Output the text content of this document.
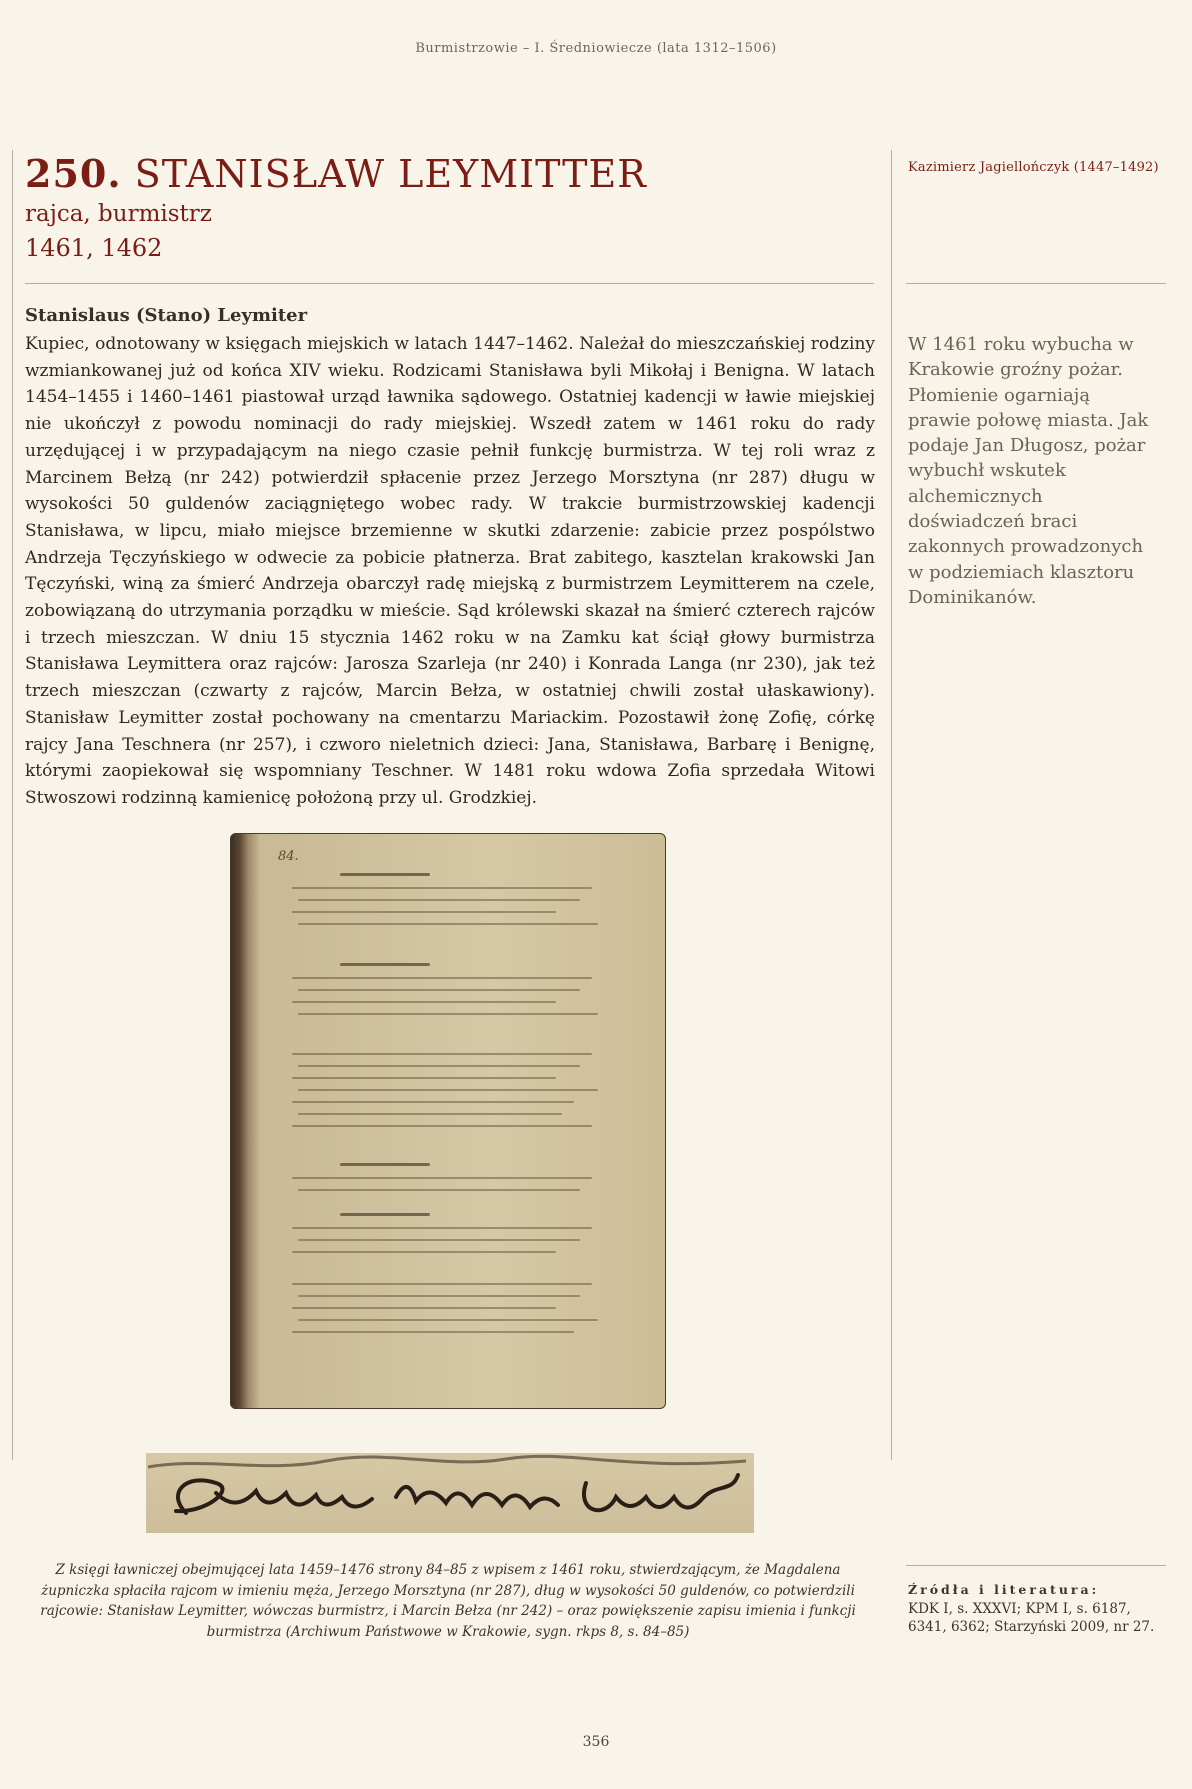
Burmistrzowie – I. Średniowiecze (lata 1312–1506)
250. STANISŁAW LEYMITTER

rajca, burmistrz

1461, 1462

Stanislaus (Stano) Leymiter

Kupiec, odnotowany w księgach miejskich w latach 1447–1462. Należał do mieszczańskiej rodziny wzmiankowanej już od końca XIV wieku. Rodzicami Stanisława byli Mikołaj i Benigna. W latach 1454–1455 i 1460–1461 piastował urząd ławnika sądowego. Ostatniej kadencji w ławie miejskiej nie ukończył z powodu nominacji do rady miejskiej. Wszedł zatem w 1461 roku do rady urzędującej i w przypadającym na niego czasie pełnił funkcję burmistrza. W tej roli wraz z Marcinem Bełzą (nr 242) potwierdził spłacenie przez Jerzego Morsztyna (nr 287) długu w wysokości 50 guldenów zaciągniętego wobec rady. W trakcie burmistrzowskiej kadencji Stanisława, w lipcu, miało miejsce brzemienne w skutki zdarzenie: zabicie przez pospólstwo Andrzeja Tęczyńskiego w odwecie za pobicie płatnerza. Brat zabitego, kasztelan krakowski Jan Tęczyński, winą za śmierć Andrzeja obarczył radę miejską z burmistrzem Leymitterem na czele, zobowiązaną do utrzymania porządku w mieście. Sąd królewski skazał na śmierć czterech rajców i trzech mieszczan. W dniu 15 stycznia 1462 roku w na Zamku kat ściął głowy burmistrza Stanisława Leymittera oraz rajców: Jarosza Szarleja (nr 240) i Konrada Langa (nr 230), jak też trzech mieszczan (czwarty z rajców, Marcin Bełza, w ostatniej chwili został ułaskawiony). Stanisław Leymitter został pochowany na cmentarzu Mariackim. Pozostawił żonę Zofię, córkę rajcy Jana Teschnera (nr 257), i czworo nieletnich dzieci: Jana, Stanisława, Barbarę i Benignę, którymi zaopiekował się wspomniany Teschner. W 1481 roku wdowa Zofia sprzedała Witowi Stwoszowi rodzinną kamienicę położoną przy ul. Grodzkiej.

84.
Z księgi ławniczej obejmującej lata 1459–1476 strony 84–85 z wpisem z 1461 roku, stwierdzającym, że Magdalena żupniczka spłaciła rajcom w imieniu męża, Jerzego Morsztyna (nr 287), dług w wysokości 50 guldenów, co potwierdzili rajcowie: Stanisław Leymitter, wówczas burmistrz, i Marcin Bełza (nr 242) – oraz powiększenie zapisu imienia i funkcji burmistrza (Archiwum Państwowe w Krakowie, sygn. rkps 8, s. 84–85)
Kazimierz Jagiellończyk (1447–1492)
W 1461 roku wybucha w Krakowie groźny pożar. Płomienie ogarniają prawie połowę miasta. Jak podaje Jan Długosz, pożar wybuchł wskutek alchemicznych doświadczeń braci zakonnych prowadzonych w podziemiach klasztoru Dominikanów.
Źródła i literatura:
KDK I, s. XXXVI; KPM I, s. 6187, 6341, 6362; Starzyński 2009, nr 27.
356
